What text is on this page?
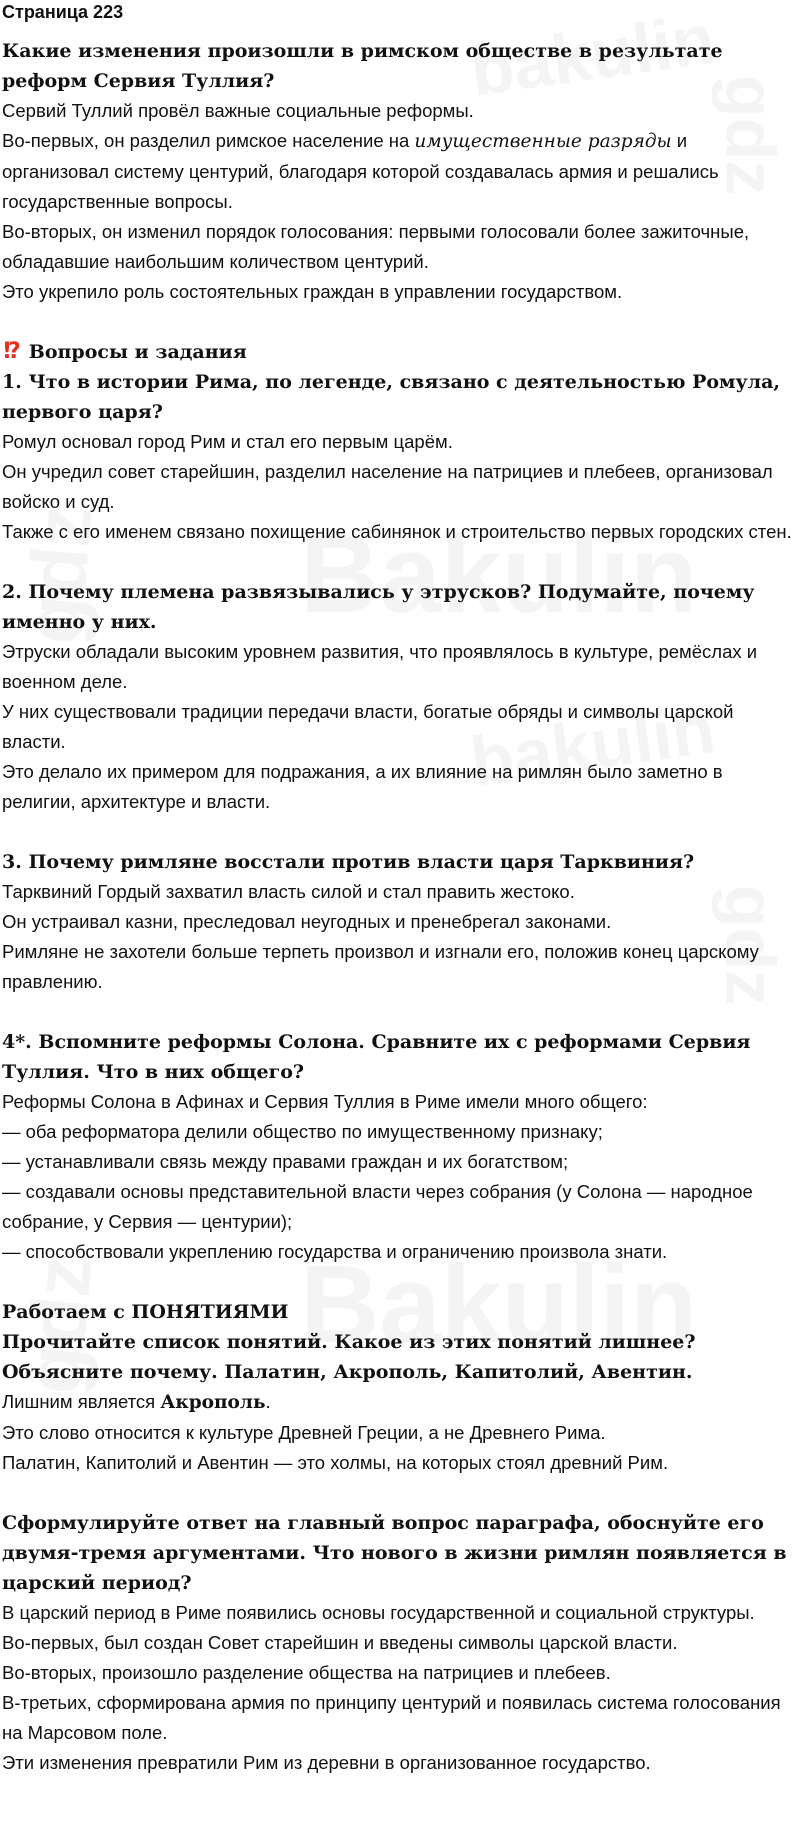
Страница 223

Какие изменения произошли в римском обществе в результате реформ Сервия Туллия?

Сервий Туллий провёл важные социальные реформы.

Во-первых, он разделил римское население на имущественные разряды и организовал систему центурий, благодаря которой создавалась армия и решались государственные вопросы.

Во-вторых, он изменил порядок голосования: первыми голосовали более зажиточные, обладавшие наибольшим количеством центурий.

Это укрепило роль состоятельных граждан в управлении государством.

!? Вопросы и задания

1. Что в истории Рима, по легенде, связано с деятельностью Ромула, первого царя?

Ромул основал город Рим и стал его первым царём.

Он учредил совет старейшин, разделил население на патрициев и плебеев, организовал войско и суд.

Также с его именем связано похищение сабинянок и строительство первых городских стен.

2. Почему племена развязывались у этрусков? Подумайте, почему именно у них.

Этруски обладали высоким уровнем развития, что проявлялось в культуре, ремёслах и военном деле.

У них существовали традиции передачи власти, богатые обряды и символы царской власти.

Это делало их примером для подражания, а их влияние на римлян было заметно в религии, архитектуре и власти.

3. Почему римляне восстали против власти царя Тарквиния?

Тарквиний Гордый захватил власть силой и стал править жестоко.

Он устраивал казни, преследовал неугодных и пренебрегал законами.

Римляне не захотели больше терпеть произвол и изгнали его, положив конец царскому правлению.

4*. Вспомните реформы Солона. Сравните их с реформами Сервия Туллия. Что в них общего?

Реформы Солона в Афинах и Сервия Туллия в Риме имели много общего:

— оба реформатора делили общество по имущественному признаку;

— устанавливали связь между правами граждан и их богатством;

— создавали основы представительной власти через собрания (у Солона — народное собрание, у Сервия — центурии);

— способствовали укреплению государства и ограничению произвола знати.

Работаем с ПОНЯТИЯМИ

Прочитайте список понятий. Какое из этих понятий лишнее? Объясните почему. Палатин, Акрополь, Капитолий, Авентин.

Лишним является Акрополь.

Это слово относится к культуре Древней Греции, а не Древнего Рима.

Палатин, Капитолий и Авентин — это холмы, на которых стоял древний Рим.

Сформулируйте ответ на главный вопрос параграфа, обоснуйте его двумя-тремя аргументами. Что нового в жизни римлян появляется в царский период?

В царский период в Риме появились основы государственной и социальной структуры.

Во-первых, был создан Совет старейшин и введены символы царской власти.

Во-вторых, произошло разделение общества на патрициев и плебеев.

В-третьих, сформирована армия по принципу центурий и появилась система голосования на Марсовом поле.

Эти изменения превратили Рим из деревни в организованное государство.
